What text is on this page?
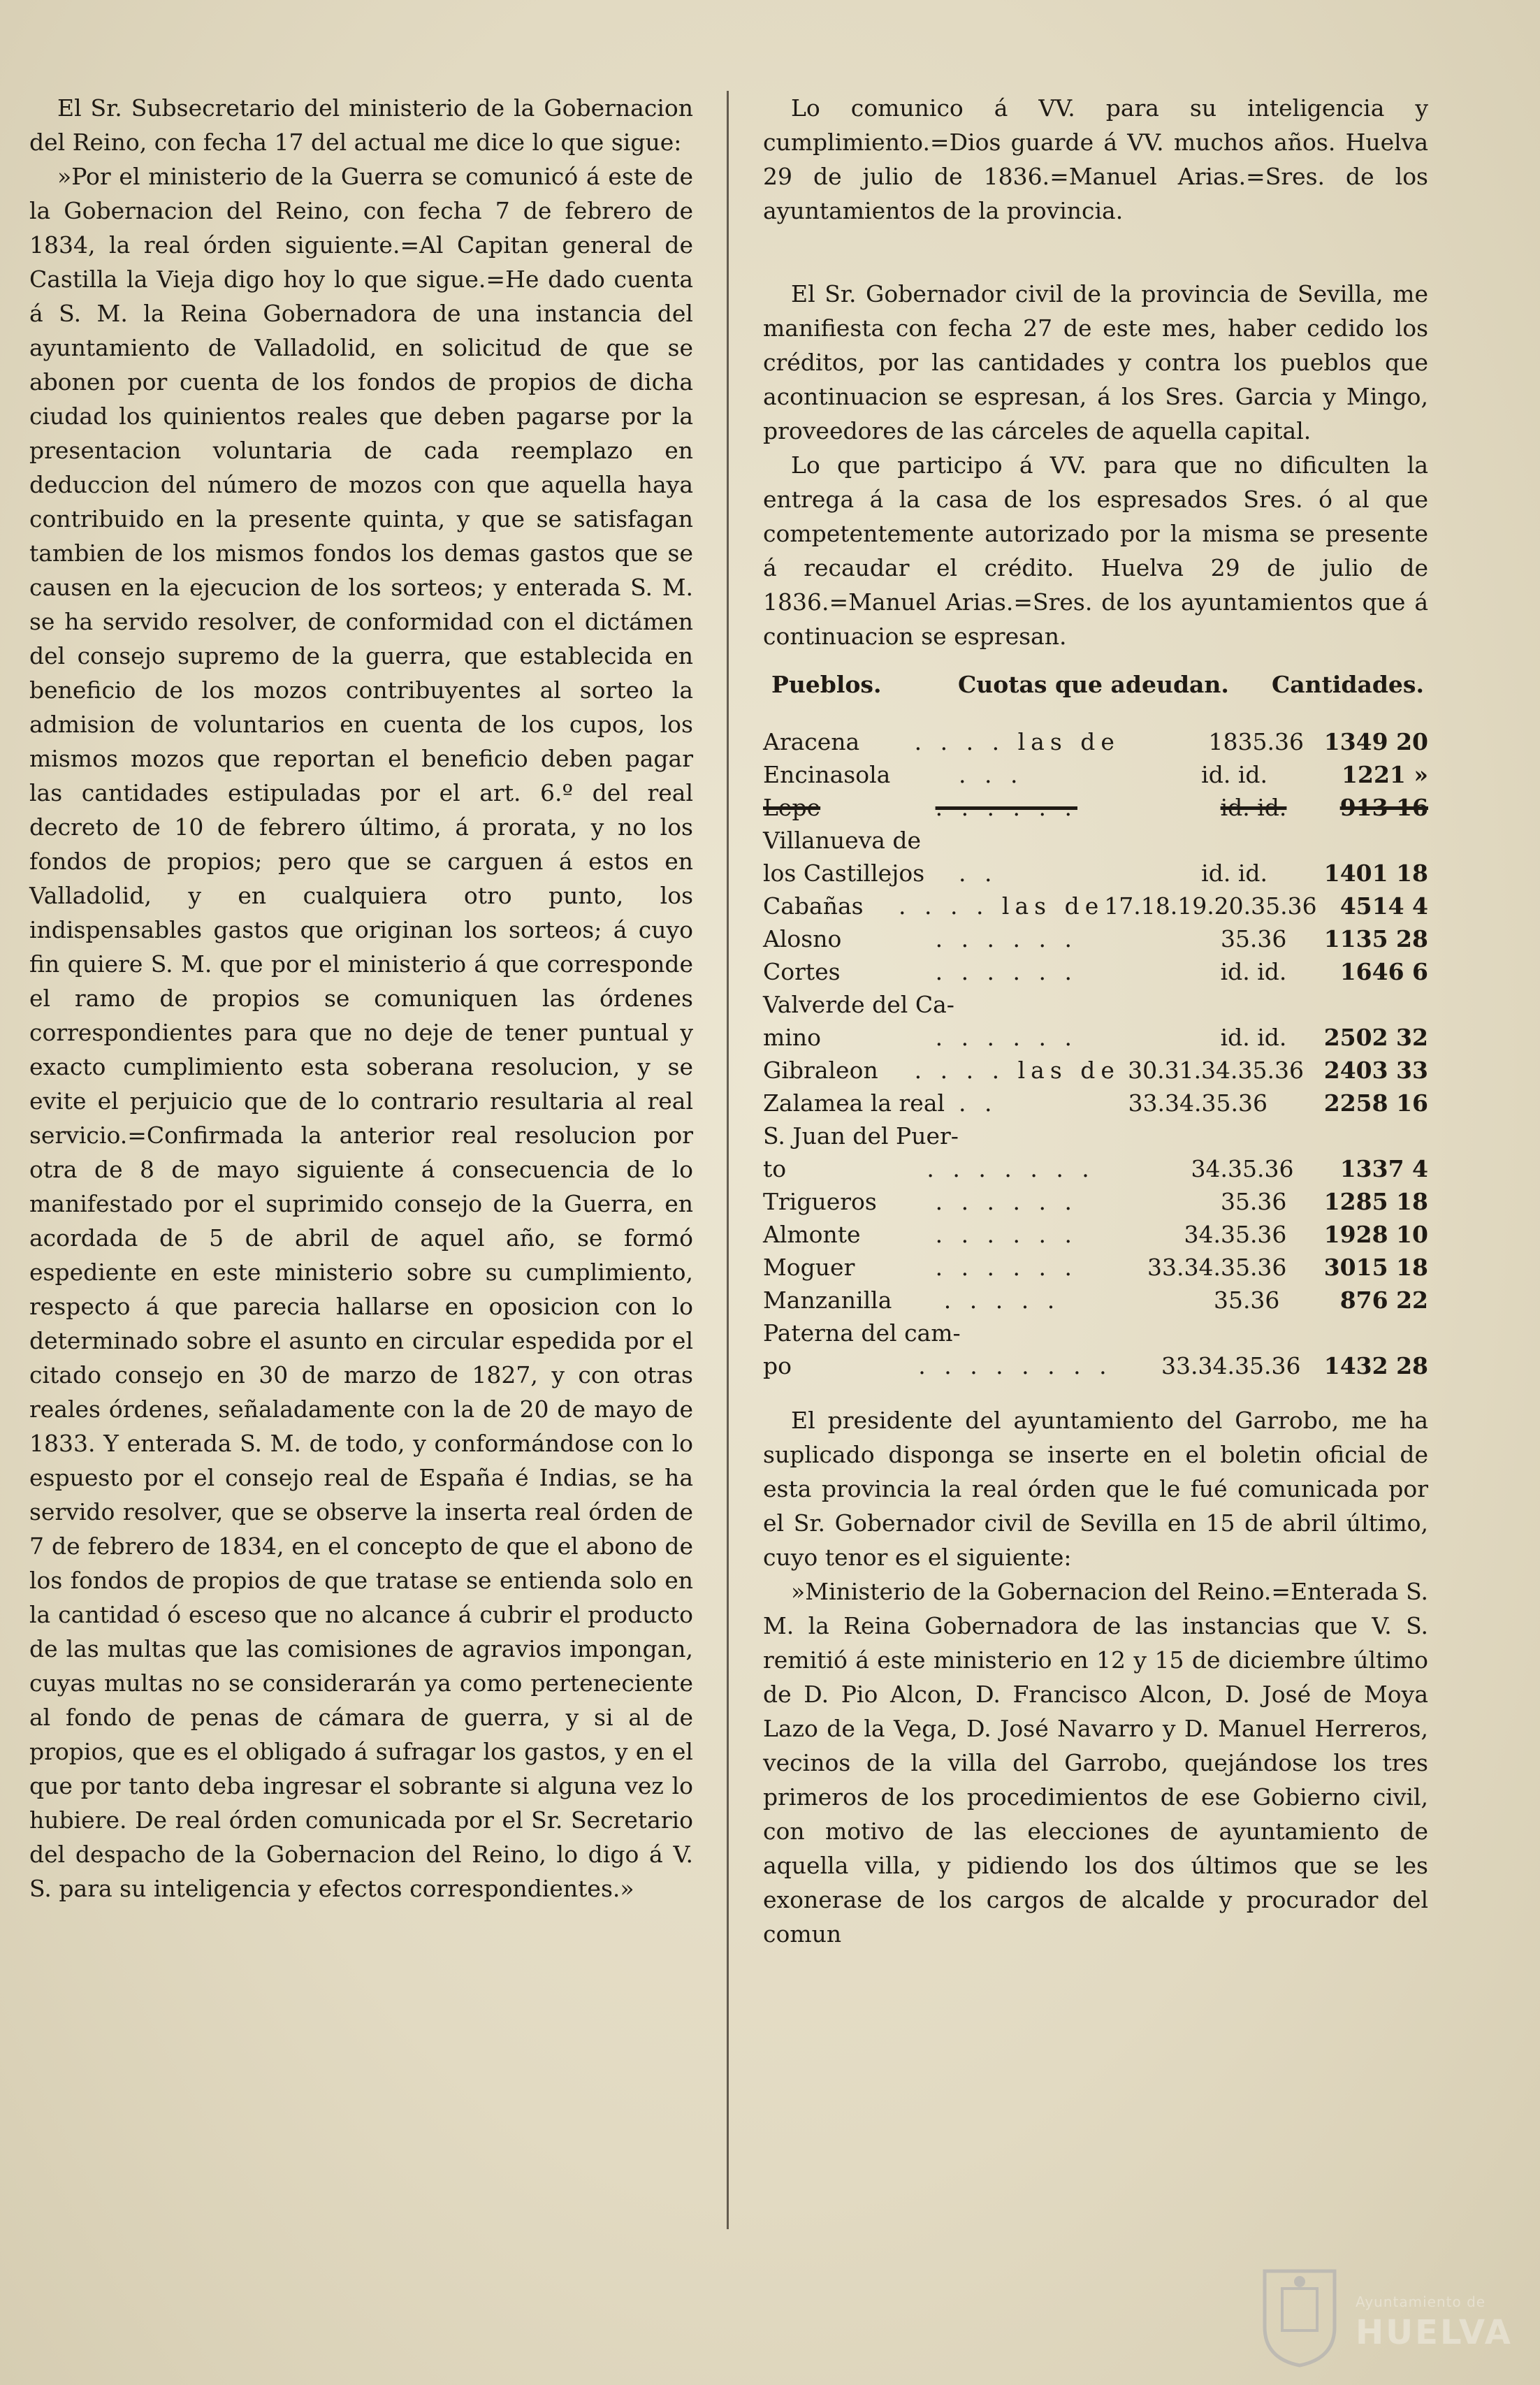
El Sr. Subsecretario del ministerio de la Gobernacion del Reino, con fecha 17 del actual me dice lo que sigue:

»Por el ministerio de la Guerra se comunicó á este de la Gobernacion del Reino, con fecha 7 de febrero de 1834, la real órden siguiente.=Al Capitan general de Castilla la Vieja digo hoy lo que sigue.=He dado cuenta á S. M. la Reina Gobernadora de una instancia del ayuntamiento de Valladolid, en solicitud de que se abonen por cuenta de los fondos de propios de dicha ciudad los quinientos reales que deben pagarse por la presentacion voluntaria de cada reemplazo en deduccion del número de mozos con que aquella haya contribuido en la presente quinta, y que se satisfagan tambien de los mismos fondos los demas gastos que se causen en la ejecucion de los sorteos; y enterada S. M. se ha servido resolver, de conformidad con el dictámen del consejo supremo de la guerra, que establecida en beneficio de los mozos contribuyentes al sorteo la admision de voluntarios en cuenta de los cupos, los mismos mozos que reportan el beneficio deben pagar las cantidades estipuladas por el art. 6.º del real decreto de 10 de febrero último, á prorata, y no los fondos de propios; pero que se carguen á estos en Valladolid, y en cualquiera otro punto, los indispensables gastos que originan los sorteos; á cuyo fin quiere S. M. que por el ministerio á que corresponde el ramo de propios se comuniquen las órdenes correspondientes para que no deje de tener puntual y exacto cumplimiento esta soberana resolucion, y se evite el perjuicio que de lo contrario resultaria al real servicio.=Confirmada la anterior real resolucion por otra de 8 de mayo siguiente á consecuencia de lo manifestado por el suprimido consejo de la Guerra, en acordada de 5 de abril de aquel año, se formó espediente en este ministerio sobre su cumplimiento, respecto á que parecia hallarse en oposicion con lo determinado sobre el asunto en circular espedida por el citado consejo en 30 de marzo de 1827, y con otras reales órdenes, señaladamente con la de 20 de mayo de 1833. Y enterada S. M. de todo, y conformándose con lo espuesto por el consejo real de España é Indias, se ha servido resolver, que se observe la inserta real órden de 7 de febrero de 1834, en el concepto de que el abono de los fondos de propios de que tratase se entienda solo en la cantidad ó esceso que no alcance á cubrir el producto de las multas que las comisiones de agravios impongan, cuyas multas no se considerarán ya como perteneciente al fondo de penas de cámara de guerra, y si al de propios, que es el obligado á sufragar los gastos, y en el que por tanto deba ingresar el sobrante si alguna vez lo hubiere. De real órden comunicada por el Sr. Secretario del despacho de la Gobernacion del Reino, lo digo á V. S. para su inteligencia y efectos correspondientes.»

Lo comunico á VV. para su inteligencia y cumplimiento.=Dios guarde á VV. muchos años. Huelva 29 de julio de 1836.=Manuel Arias.=Sres. de los ayuntamientos de la provincia.

El Sr. Gobernador civil de la provincia de Sevilla, me manifiesta con fecha 27 de este mes, haber cedido los créditos, por las cantidades y contra los pueblos que acontinuacion se espresan, á los Sres. Garcia y Mingo, proveedores de las cárceles de aquella capital.

Lo que participo á VV. para que no dificulten la entrega á la casa de los espresados Sres. ó al que competentemente autorizado por la misma se presente á recaudar el crédito. Huelva 29 de julio de 1836.=Manuel Arias.=Sres. de los ayuntamientos que á continuacion se espresan.

Pueblos.	Cuotas que adeudan.	Cantidades.
Aracena	. . . . las de	1835.36 1349 20
Encinasola	. . .	id. id.	1221 »
Lepe	. . . . . .	id. id.	913 16
Villanueva de
los Castillejos	. .	id. id.	1401 18
Cabañas	. . . . las de 17.18.19.20.35.36	4514 4
Alosno	. . . . . .	35.36	1135 28
Cortes	. . . . . .	id. id.	1646 6
Valverde del Ca-
mino	. . . . . .	id. id.	2502 32
Gibraleon	. . . . las de 30.31.34.35.36 2403 33
Zalamea la real . .	33.34.35.36	2258 16
S. Juan del Puer-
to	. . . . . . .	34.35.36	1337 4
Trigueros	. . . . . .	35.36	1285 18
Almonte	. . . . . .	34.35.36	1928 10
Moguer	. . . . . .	33.34.35.36	3015 18
Manzanilla	. . . . .	35.36	876 22
Paterna del cam-
po	. . . . . . . .	33.34.35.36	1432 28

El presidente del ayuntamiento del Garrobo, me ha suplicado disponga se inserte en el boletin oficial de esta provincia la real órden que le fué comunicada por el Sr. Gobernador civil de Sevilla en 15 de abril último, cuyo tenor es el siguiente:

»Ministerio de la Gobernacion del Reino.=Enterada S. M. la Reina Gobernadora de las instancias que V. S. remitió á este ministerio en 12 y 15 de diciembre último de D. Pio Alcon, D. Francisco Alcon, D. José de Moya Lazo de la Vega, D. José Navarro y D. Manuel Herreros, vecinos de la villa del Garrobo, quejándose los tres primeros de los procedimientos de ese Gobierno civil, con motivo de las elecciones de ayuntamiento de aquella villa, y pidiendo los dos últimos que se les exonerase de los cargos de alcalde y procurador del comun

Ayuntamiento de
HUELVA
